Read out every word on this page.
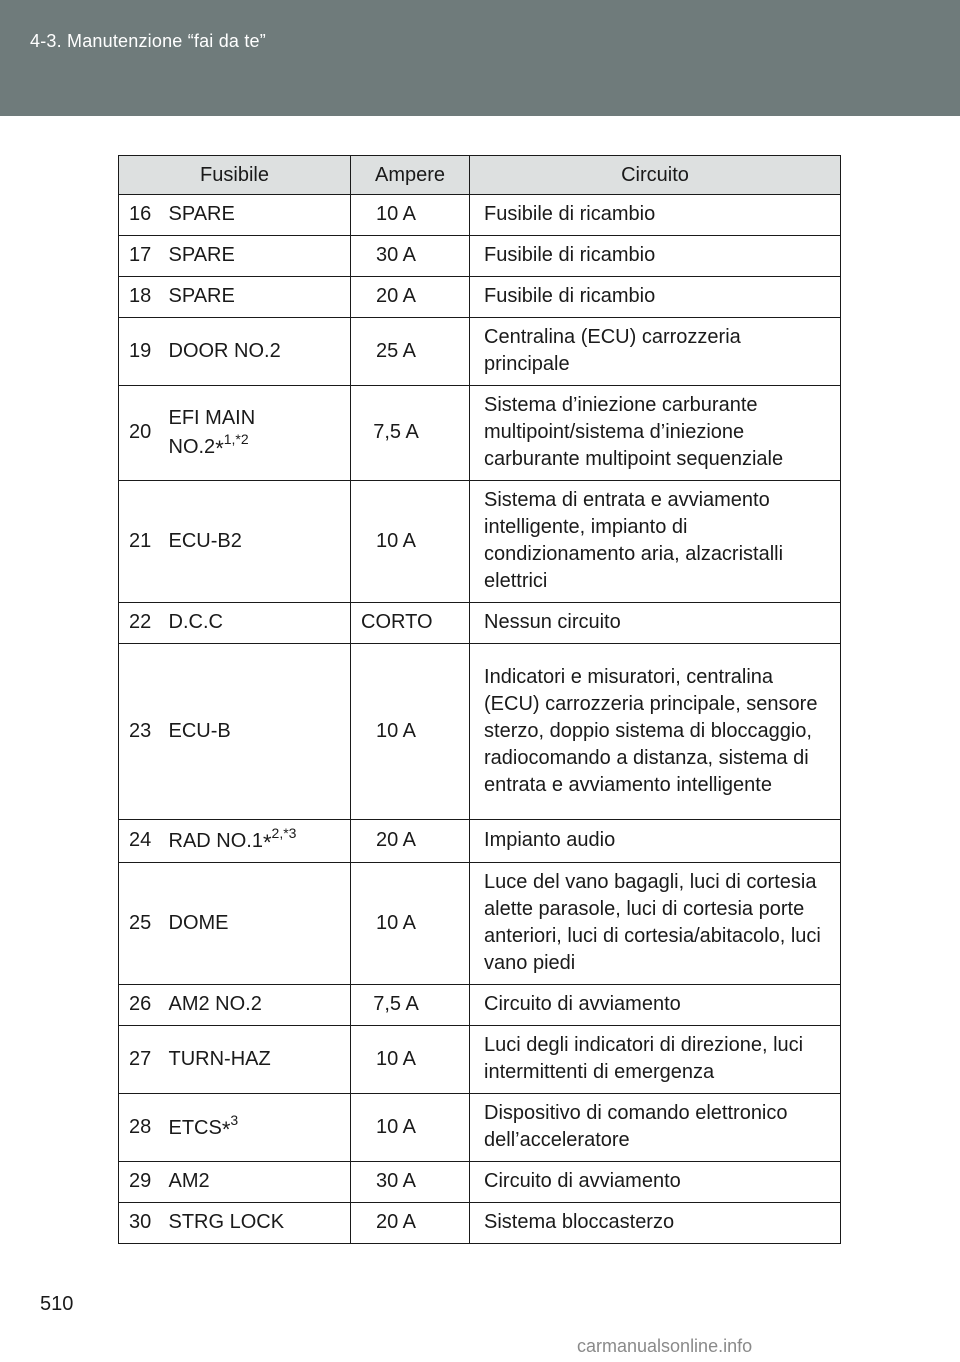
4-3. Manutenzione “fai da te”
Fusibile		Ampere	Circuito
16	SPARE	10 A	Fusibile di ricambio
17	SPARE	30 A	Fusibile di ricambio
18	SPARE	20 A	Fusibile di ricambio
19	DOOR NO.2	25 A	Centralina (ECU) carrozzeria principale
20	EFI MAIN NO.2*$^{1,*2}$	7,5 A	Sistema d’iniezione carburante multipoint/sistema d’iniezione carburante multipoint sequenziale
21	ECU-B2	10 A	Sistema di entrata e avviamento intelligente, impianto di condizionamento aria, alzacristalli elettrici
22	D.C.C	CORTO	Nessun circuito
23	ECU-B	10 A	Indicatori e misuratori, centralina (ECU) carrozzeria principale, sensore sterzo, doppio sistema di bloccaggio, radiocomando a distanza, sistema di entrata e avviamento intelligente
24	RAD NO.1*$^{2,*3}$	20 A	Impianto audio
25	DOME	10 A	Luce del vano bagagli, luci di cortesia alette parasole, luci di cortesia porte anteriori, luci di cortesia/abitacolo, luci vano piedi
26	AM2 NO.2	7,5 A	Circuito di avviamento
27	TURN-HAZ	10 A	Luci degli indicatori di direzione, luci intermittenti di emergenza
28	ETCS*$^3$	10 A	Dispositivo di comando elettronico dell’acceleratore
29	AM2	30 A	Circuito di avviamento
30	STRG LOCK	20 A	Sistema bloccasterzo
510
carmanualsonline.info
